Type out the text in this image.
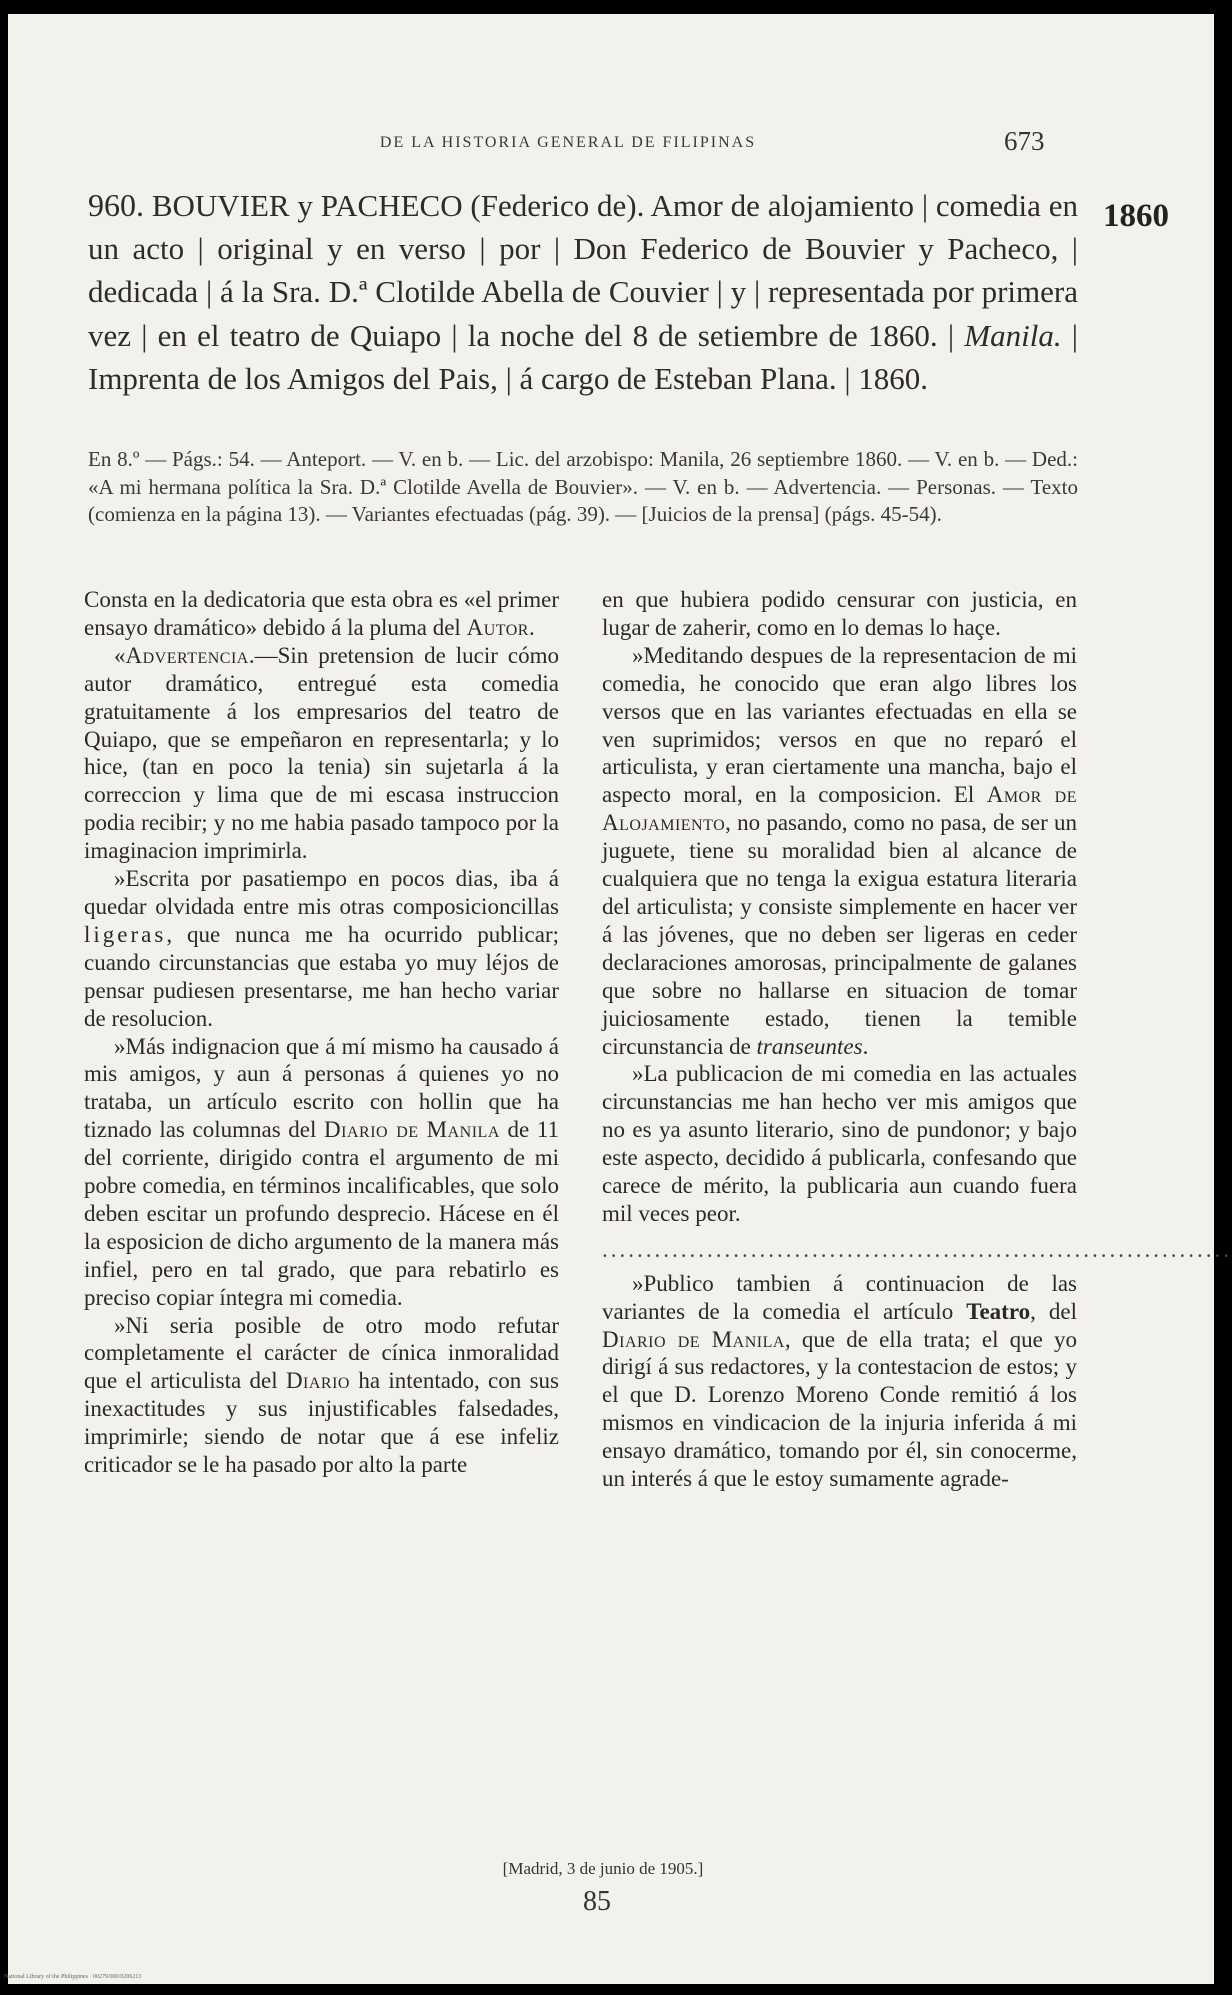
DE LA HISTORIA GENERAL DE FILIPINAS	673
1860
960. BOUVIER y PACHECO (Federico de). Amor de alojamiento | comedia en un acto | original y en verso | por | Don Federico de Bouvier y Pacheco, | dedicada | á la Sra. D.ª Clotilde Abella de Couvier | y | representada por primera vez | en el teatro de Quiapo | la noche del 8 de setiembre de 1860. | Manila. | Imprenta de los Amigos del Pais, | á cargo de Esteban Plana. | 1860.
En 8.º — Págs.: 54. — Anteport. — V. en b. — Lic. del arzobispo: Manila, 26 septiembre 1860. — V. en b. — Ded.: «A mi hermana política la Sra. D.ª Clotilde Avella de Bouvier». — V. en b. — Advertencia. — Personas. — Texto (comienza en la página 13). — Variantes efectuadas (pág. 39). — [Juicios de la prensa] (págs. 45-54).

Consta en la dedicatoria que esta obra es «el primer ensayo dramático» debido á la pluma del Autor.

«Advertencia.—Sin pretension de lucir cómo autor dramático, entregué esta comedia gratuitamente á los empresarios del teatro de Quiapo, que se empeñaron en representarla; y lo hice, (tan en poco la tenia) sin sujetarla á la correccion y lima que de mi escasa instruccion podia recibir; y no me habia pasado tampoco por la imaginacion imprimirla.

»Escrita por pasatiempo en pocos dias, iba á quedar olvidada entre mis otras composicioncillas ligeras, que nunca me ha ocurrido publicar; cuando circunstancias que estaba yo muy léjos de pensar pudiesen presentarse, me han hecho variar de resolucion.

»Más indignacion que á mí mismo ha causado á mis amigos, y aun á personas á quienes yo no trataba, un artículo escrito con hollin que ha tiznado las columnas del Diario de Manila de 11 del corriente, dirigido contra el argumento de mi pobre comedia, en términos incalificables, que solo deben escitar un profundo desprecio. Hácese en él la esposicion de dicho argumento de la manera más infiel, pero en tal grado, que para rebatirlo es preciso copiar íntegra mi comedia.

»Ni seria posible de otro modo refutar completamente el carácter de cínica inmoralidad que el articulista del Diario ha intentado, con sus inexactitudes y sus injustificables falsedades, imprimirle; siendo de notar que á ese infeliz criticador se le ha pasado por alto la parte

en que hubiera podido censurar con justicia, en lugar de zaherir, como en lo demas lo haçe.

»Meditando despues de la representacion de mi comedia, he conocido que eran algo libres los versos que en las variantes efectuadas en ella se ven suprimidos; versos en que no reparó el articulista, y eran ciertamente una mancha, bajo el aspecto moral, en la composicion. El Amor de Alojamiento, no pasando, como no pasa, de ser un juguete, tiene su moralidad bien al alcance de cualquiera que no tenga la exigua estatura literaria del articulista; y consiste simplemente en hacer ver á las jóvenes, que no deben ser ligeras en ceder declaraciones amorosas, principalmente de galanes que sobre no hallarse en situacion de tomar juiciosamente estado, tienen la temible circunstancia de transeuntes.

»La publicacion de mi comedia en las actuales circunstancias me han hecho ver mis amigos que no es ya asunto literario, sino de pundonor; y bajo este aspecto, decidido á publicarla, confesando que carece de mérito, la publicaria aun cuando fuera mil veces peor.

........................................................................

»Publico tambien á continuacion de las variantes de la comedia el artículo Teatro, del Diario de Manila, que de ella trata; el que yo dirigí á sus redactores, y la contestacion de estos; y el que D. Lorenzo Moreno Conde remitió á los mismos en vindicacion de la injuria inferida á mi ensayo dramático, tomando por él, sin conocerme, un interés á que le estoy sumamente agrade-

[Madrid, 3 de junio de 1905.]
85
National Library of the Philippines · 00279/000/0206213
